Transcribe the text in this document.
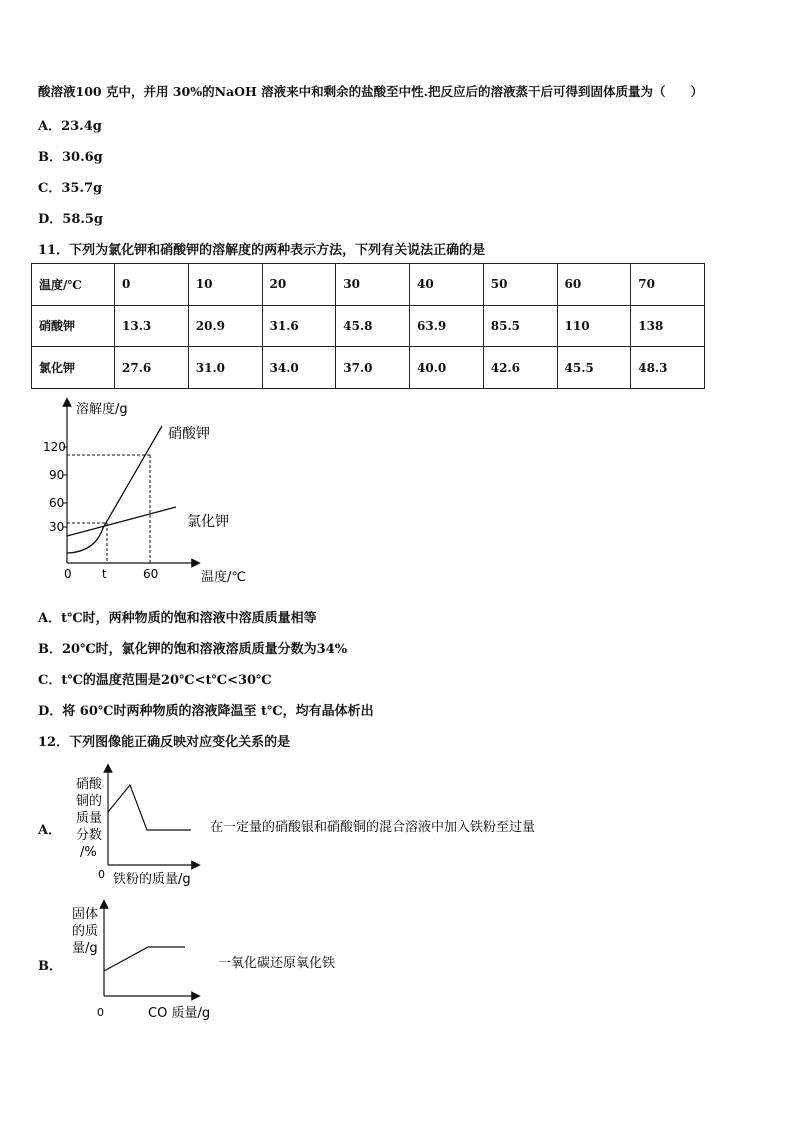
酸溶液100 克中，并用 30%的NaOH 溶液来中和剩余的盐酸至中性.把反应后的溶液蒸干后可得到固体质量为（　　）
A．23.4g
B．30.6g
C．35.7g
D．58.5g
11．下列为氯化钾和硝酸钾的溶解度的两种表示方法，下列有关说法正确的是
温度/℃	0	10	20	30	40	50	60	70
硝酸钾	13.3	20.9	31.6	45.8	63.9	85.5	110	138
氯化钾	27.6	31.0	34.0	37.0	40.0	42.6	45.5	48.3
溶解度/g
温度/℃
120
90
60
30
0	t	60
硝酸钾
氯化钾
硝酸
铜的
质量
分数
/%
0 铁粉的质量/g
在一定量的硝酸银和硝酸铜的混合溶液中加入铁粉至过量
固体
的质
量/g
0	CO 质量/g
一氧化碳还原氧化铁
A．t℃时，两种物质的饱和溶液中溶质质量相等
B．20℃时，氯化钾的饱和溶液溶质质量分数为34%
C．t℃的温度范围是20℃<t℃<30℃
D．将 60℃时两种物质的溶液降温至 t℃，均有晶体析出
12．下列图像能正确反映对应变化关系的是
A．
B．
